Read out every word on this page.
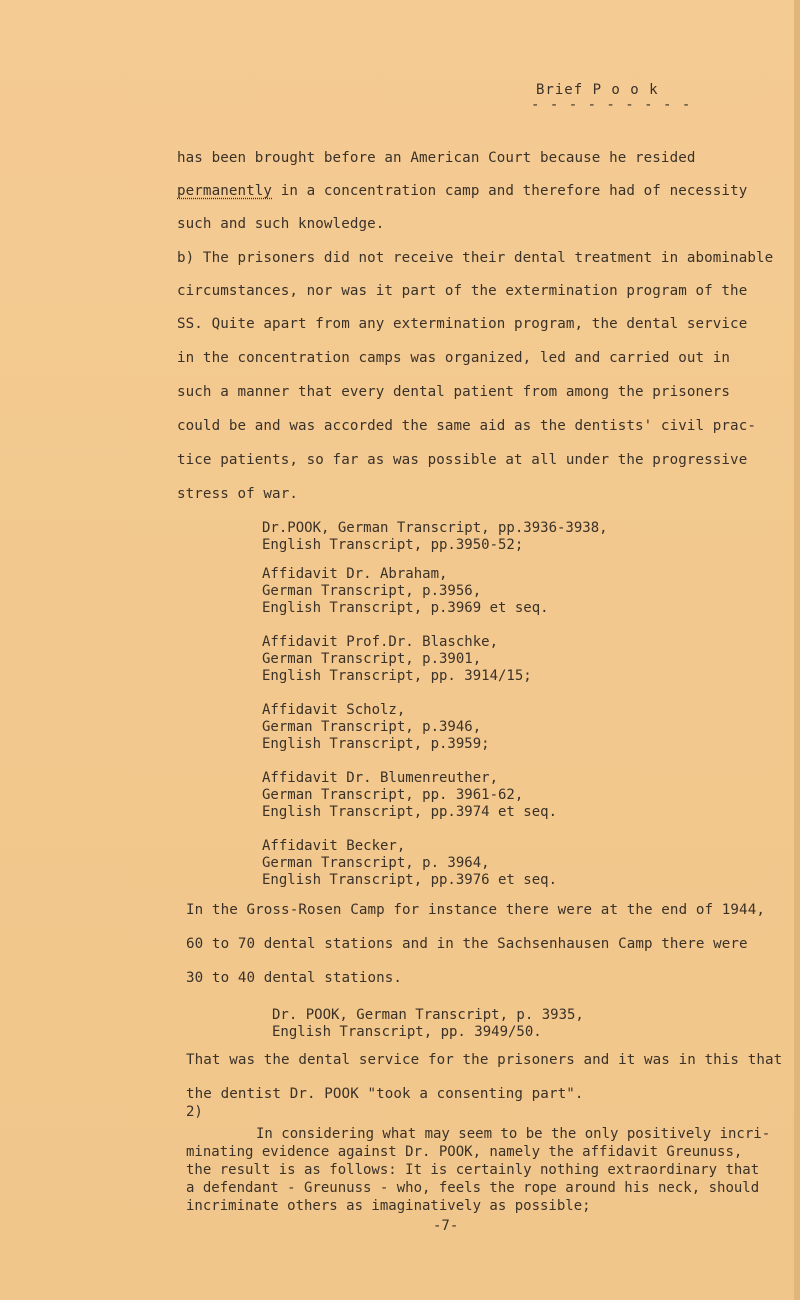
Brief P o o k
- - - - - - - - -
has been brought before an American Court because he resided
permanently in a concentration camp and therefore had of necessity
such and such knowledge.
b) The prisoners did not receive their dental treatment in abominable
circumstances, nor was it part of the extermination program of the
SS. Quite apart from any extermination program, the dental service
in the concentration camps was organized, led and carried out in
such a manner that every dental patient from among the prisoners
could be and was accorded the same aid as the dentists' civil prac-
tice patients, so far as was possible at all under the progressive
stress of war.
Dr.POOK, German Transcript, pp.3936-3938,
English Transcript, pp.3950-52;
Affidavit Dr. Abraham,
German Transcript, p.3956,
English Transcript, p.3969 et seq.
Affidavit Prof.Dr. Blaschke,
German Transcript, p.3901,
English Transcript, pp. 3914/15;
Affidavit Scholz,
German Transcript, p.3946,
English Transcript, p.3959;
Affidavit Dr. Blumenreuther,
German Transcript, pp. 3961-62,
English Transcript, pp.3974 et seq.
Affidavit Becker,
German Transcript, p. 3964,
English Transcript, pp.3976 et seq.
In the Gross-Rosen Camp for instance there were at the end of 1944,
60 to 70 dental stations and in the Sachsenhausen Camp there were
30 to 40 dental stations.
Dr. POOK, German Transcript, p. 3935,
English Transcript, pp. 3949/50.
That was the dental service for the prisoners and it was in this that
the dentist Dr. POOK "took a consenting part".
2)
In considering what may seem to be the only positively incri-
minating evidence against Dr. POOK, namely the affidavit Greunuss,
the result is as follows: It is certainly nothing extraordinary that
a defendant - Greunuss - who, feels the rope around his neck, should
incriminate others as imaginatively as possible;
-7-
